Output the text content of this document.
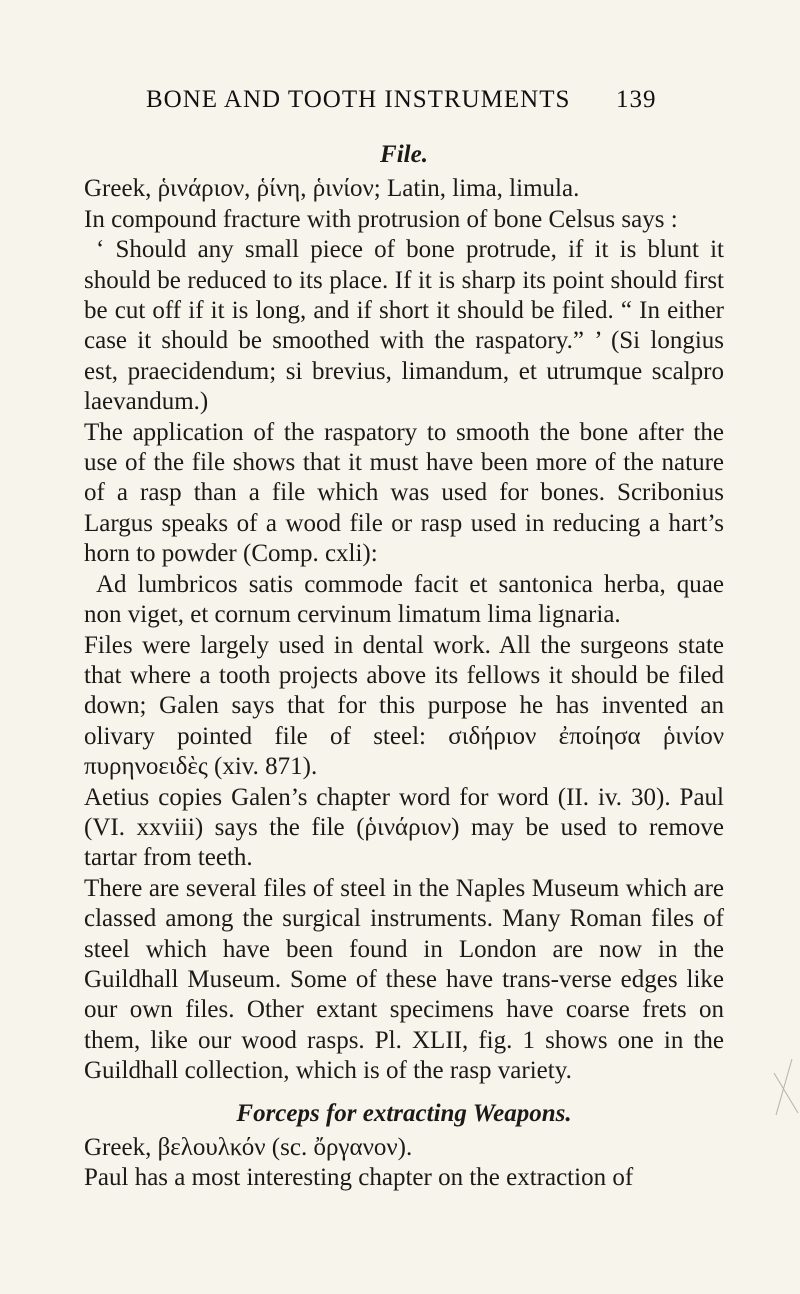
BONE AND TOOTH INSTRUMENTS 139

File.

Greek, ῥινάριον, ῥίνη, ῥινίον; Latin, lima, limula.

In compound fracture with protrusion of bone Celsus says :

‘ Should any small piece of bone protrude, if it is blunt it should be reduced to its place. If it is sharp its point should first be cut off if it is long, and if short it should be filed. “ In either case it should be smoothed with the raspatory.” ’ (Si longius est, praecidendum; si brevius, limandum, et utrumque scalpro laevandum.)

The application of the raspatory to smooth the bone after the use of the file shows that it must have been more of the nature of a rasp than a file which was used for bones. Scribonius Largus speaks of a wood file or rasp used in reducing a hart’s horn to powder (Comp. cxli):

Ad lumbricos satis commode facit et santonica herba, quae non viget, et cornum cervinum limatum lima lignaria.

Files were largely used in dental work. All the surgeons state that where a tooth projects above its fellows it should be filed down; Galen says that for this purpose he has invented an olivary pointed file of steel: σιδήριον ἐποίησα ῥινίον πυρηνοειδὲς (xiv. 871).

Aetius copies Galen’s chapter word for word (II. iv. 30). Paul (VI. xxviii) says the file (ῥινάριον) may be used to remove tartar from teeth.

There are several files of steel in the Naples Museum which are classed among the surgical instruments. Many Roman files of steel which have been found in London are now in the Guildhall Museum. Some of these have trans-verse edges like our own files. Other extant specimens have coarse frets on them, like our wood rasps. Pl. XLII, fig. 1 shows one in the Guildhall collection, which is of the rasp variety.

Forceps for extracting Weapons.

Greek, βελουλκόν (sc. ὄργανον).

Paul has a most interesting chapter on the extraction of
